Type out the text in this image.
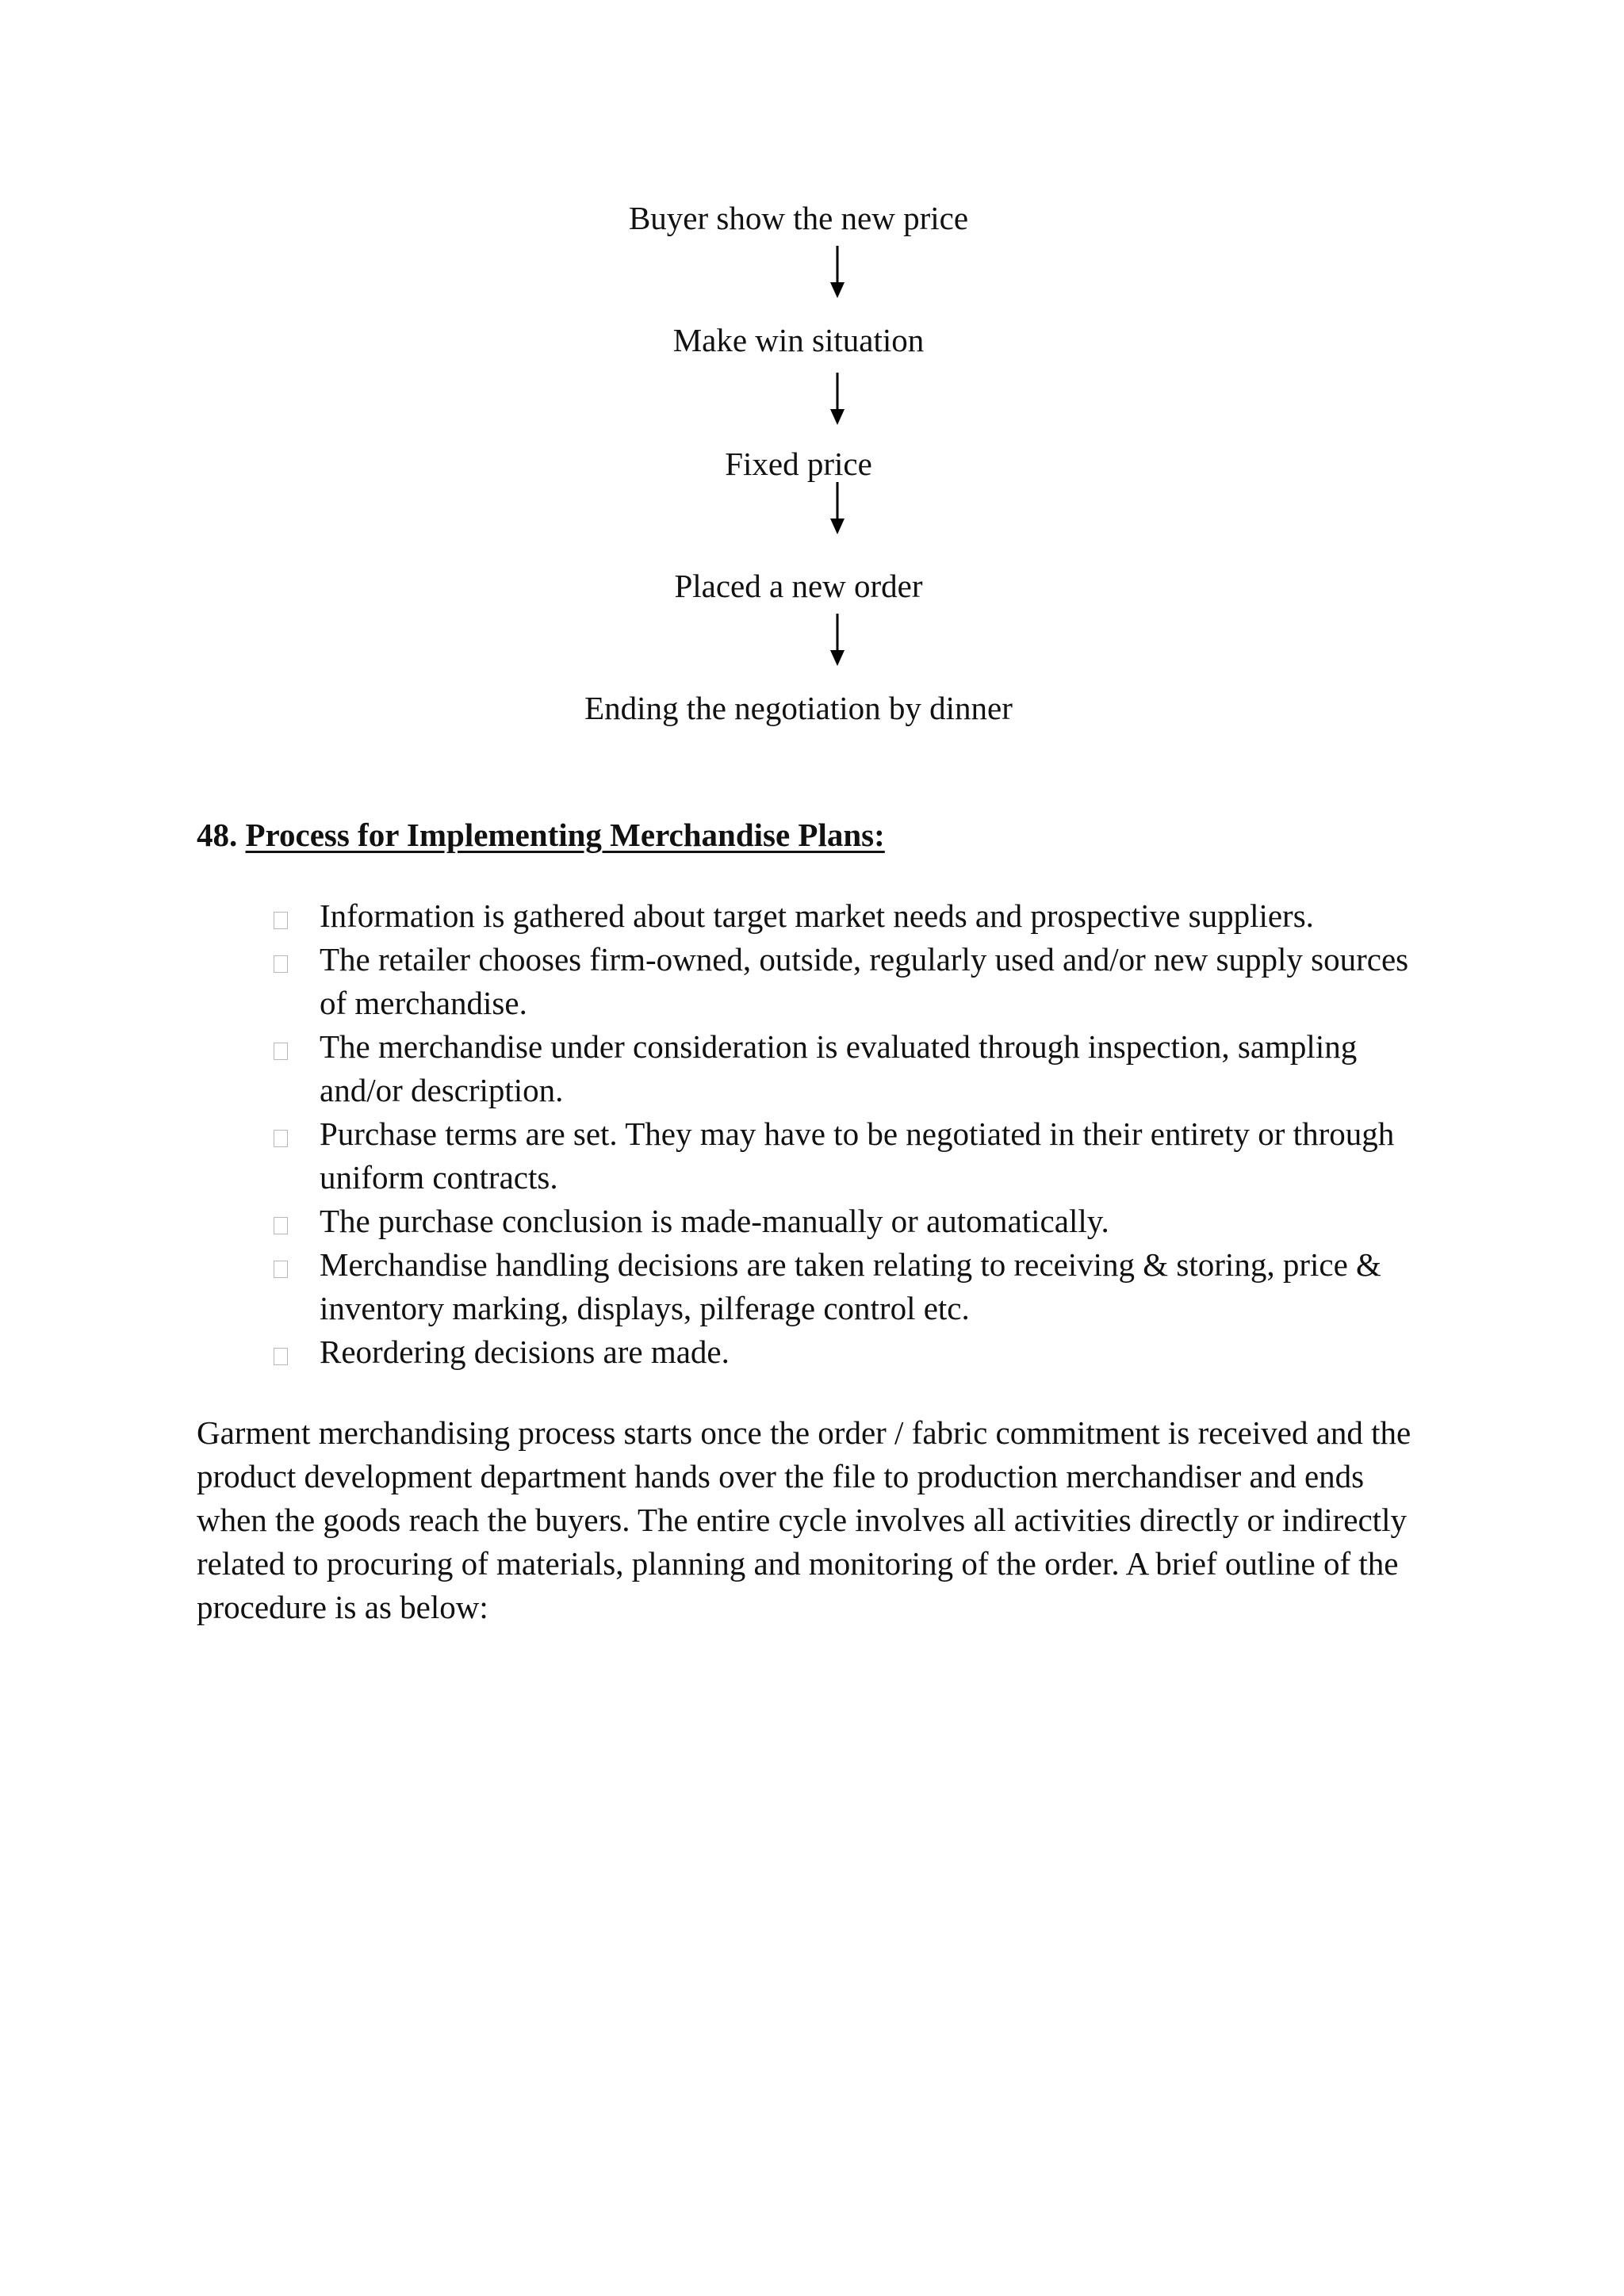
Buyer show the new price
Make win situation
Fixed price
Placed a new order
Ending the negotiation by dinner
48. Process for Implementing Merchandise Plans:
Information is gathered about target market needs and prospective suppliers.
The retailer chooses firm-owned, outside, regularly used and/or new supply sources of merchandise.
The merchandise under consideration is evaluated through inspection, sampling and/or description.
Purchase terms are set. They may have to be negotiated in their entirety or through uniform contracts.
The purchase conclusion is made-manually or automatically.
Merchandise handling decisions are taken relating to receiving & storing, price & inventory marking, displays, pilferage control etc.
Reordering decisions are made.

Garment merchandising process starts once the order / fabric commitment is received and the product development department hands over the file to production merchandiser and ends when the goods reach the buyers. The entire cycle involves all activities directly or indirectly related to procuring of materials, planning and monitoring of the order. A brief outline of the procedure is as below:
